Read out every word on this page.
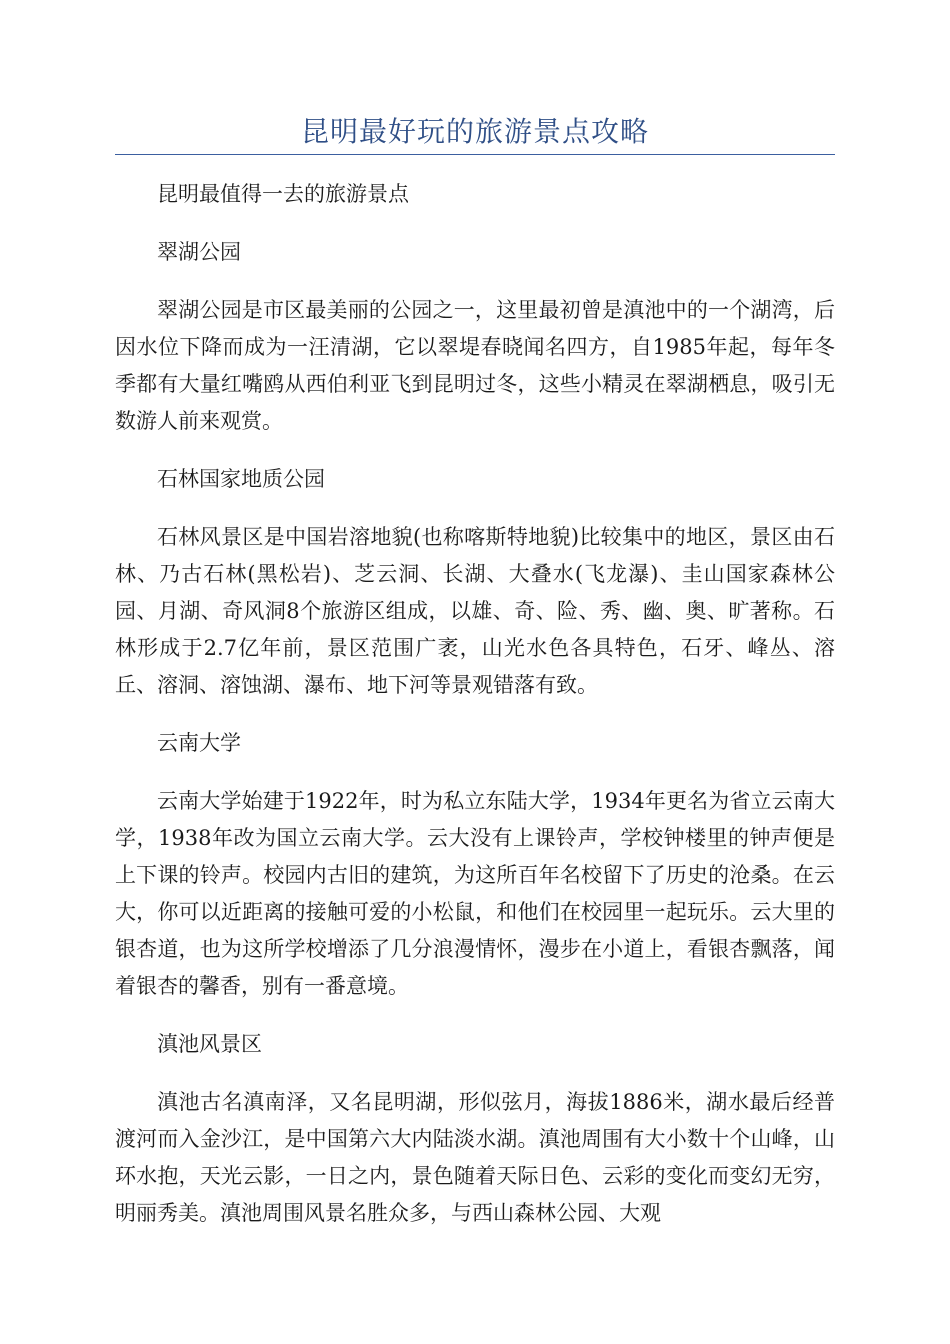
昆明最好玩的旅游景点攻略

昆明最值得一去的旅游景点

翠湖公园

翠湖公园是市区最美丽的公园之一，这里最初曾是滇池中的一个湖湾，后因水位下降而成为一汪清湖，它以翠堤春晓闻名四方，自1985年起，每年冬季都有大量红嘴鸥从西伯利亚飞到昆明过冬，这些小精灵在翠湖栖息，吸引无数游人前来观赏。

石林国家地质公园

石林风景区是中国岩溶地貌(也称喀斯特地貌)比较集中的地区，景区由石林、乃古石林(黑松岩)、芝云洞、长湖、大叠水(飞龙瀑)、圭山国家森林公园、月湖、奇风洞8个旅游区组成，以雄、奇、险、秀、幽、奥、旷著称。石林形成于2.7亿年前，景区范围广袤，山光水色各具特色，石牙、峰丛、溶丘、溶洞、溶蚀湖、瀑布、地下河等景观错落有致。

云南大学

云南大学始建于1922年，时为私立东陆大学，1934年更名为省立云南大学，1938年改为国立云南大学。云大没有上课铃声，学校钟楼里的钟声便是上下课的铃声。校园内古旧的建筑，为这所百年名校留下了历史的沧桑。在云大，你可以近距离的接触可爱的小松鼠，和他们在校园里一起玩乐。云大里的银杏道，也为这所学校增添了几分浪漫情怀，漫步在小道上，看银杏飘落，闻着银杏的馨香，别有一番意境。

滇池风景区

滇池古名滇南泽，又名昆明湖，形似弦月，海拔1886米，湖水最后经普渡河而入金沙江，是中国第六大内陆淡水湖。滇池周围有大小数十个山峰，山环水抱，天光云影，一日之内，景色随着天际日色、云彩的变化而变幻无穷，明丽秀美。滇池周围风景名胜众多，与西山森林公园、大观
